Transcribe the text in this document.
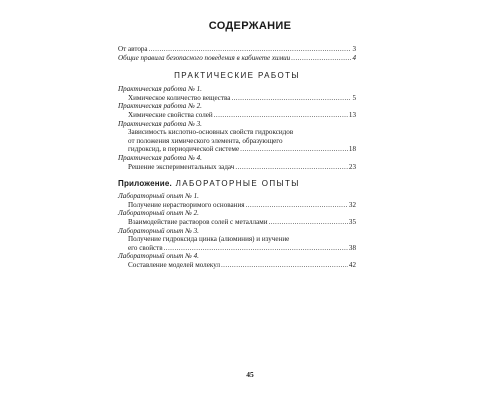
СОДЕРЖАНИЕ
От автора .....	3
Общие правила безопасного поведения в кабинете химии .....	4
ПРАКТИЧЕСКИЕ РАБОТЫ
Практическая работа № 1.
Химическое количество вещества .....	5
Практическая работа № 2.
Химические свойства солей .....	13
Практическая работа № 3.
Зависимость кислотно-основных свойств гидроксидов
от положения химического элемента, образующего
гидроксид, в периодической системе .....	18
Практическая работа № 4.
Решение экспериментальных задач .....	23
Приложение. ЛАБОРАТОРНЫЕ ОПЫТЫ
Лабораторный опыт № 1.
Получение нерастворимого основания .....	32
Лабораторный опыт № 2.
Взаимодействие растворов солей с металлами .....	35
Лабораторный опыт № 3.
Получение гидроксида цинка (алюминия) и изучение
его свойств .....	38
Лабораторный опыт № 4.
Составление моделей молекул .....	42
45
